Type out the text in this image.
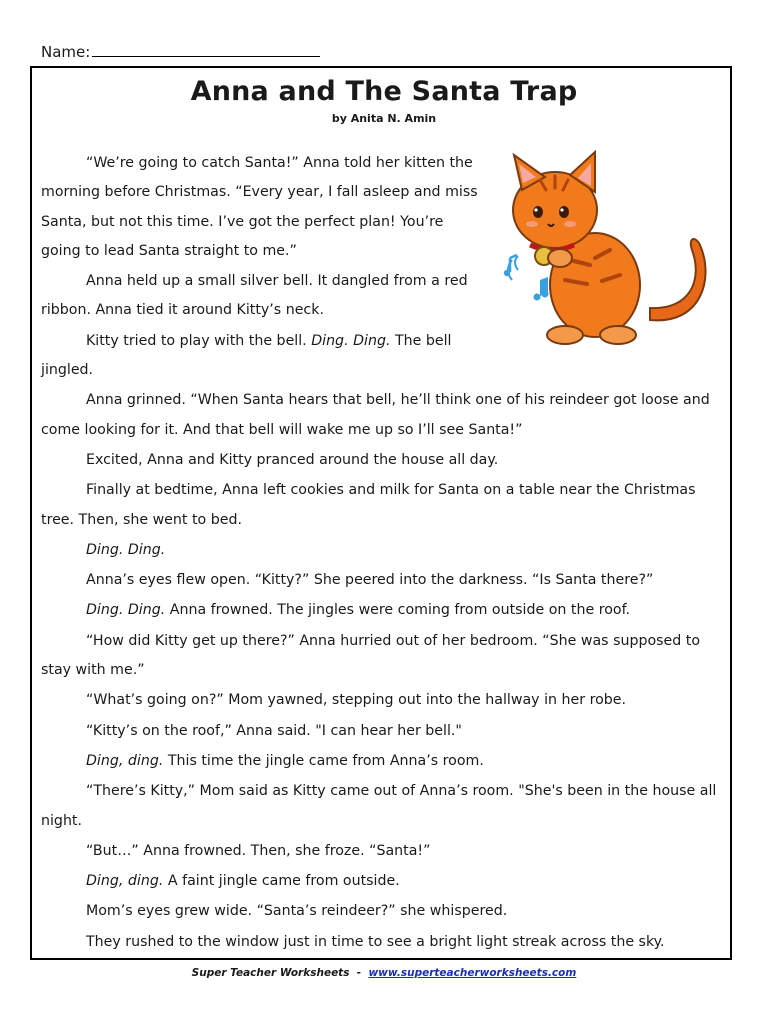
Name:
Anna and The Santa Trap
by Anita N. Amin

“We’re going to catch Santa!” Anna told her kitten the morning before Christmas. “Every year, I fall asleep and miss Santa, but not this time. I’ve got the perfect plan! You’re going to lead Santa straight to me.”

Anna held up a small silver bell. It dangled from a red ribbon. Anna tied it around Kitty’s neck.

Kitty tried to play with the bell. Ding. Ding. The bell jingled.

Anna grinned. “When Santa hears that bell, he’ll think one of his reindeer got loose and come looking for it. And that bell will wake me up so I’ll see Santa!”

Excited, Anna and Kitty pranced around the house all day.

Finally at bedtime, Anna left cookies and milk for Santa on a table near the Christmas tree. Then, she went to bed.

Ding. Ding.

Anna’s eyes flew open. “Kitty?” She peered into the darkness. “Is Santa there?”

Ding. Ding. Anna frowned. The jingles were coming from outside on the roof.

“How did Kitty get up there?” Anna hurried out of her bedroom. “She was supposed to stay with me.”

“What’s going on?” Mom yawned, stepping out into the hallway in her robe.

“Kitty’s on the roof,” Anna said. "I can hear her bell."

Ding, ding. This time the jingle came from Anna’s room.

“There’s Kitty,” Mom said as Kitty came out of Anna’s room. "She's been in the house all night.

“But…” Anna frowned. Then, she froze. “Santa!”

Ding, ding. A faint jingle came from outside.

Mom’s eyes grew wide. “Santa’s reindeer?” she whispered.

They rushed to the window just in time to see a bright light streak across the sky.

Super Teacher Worksheets - www.superteacherworksheets.com
